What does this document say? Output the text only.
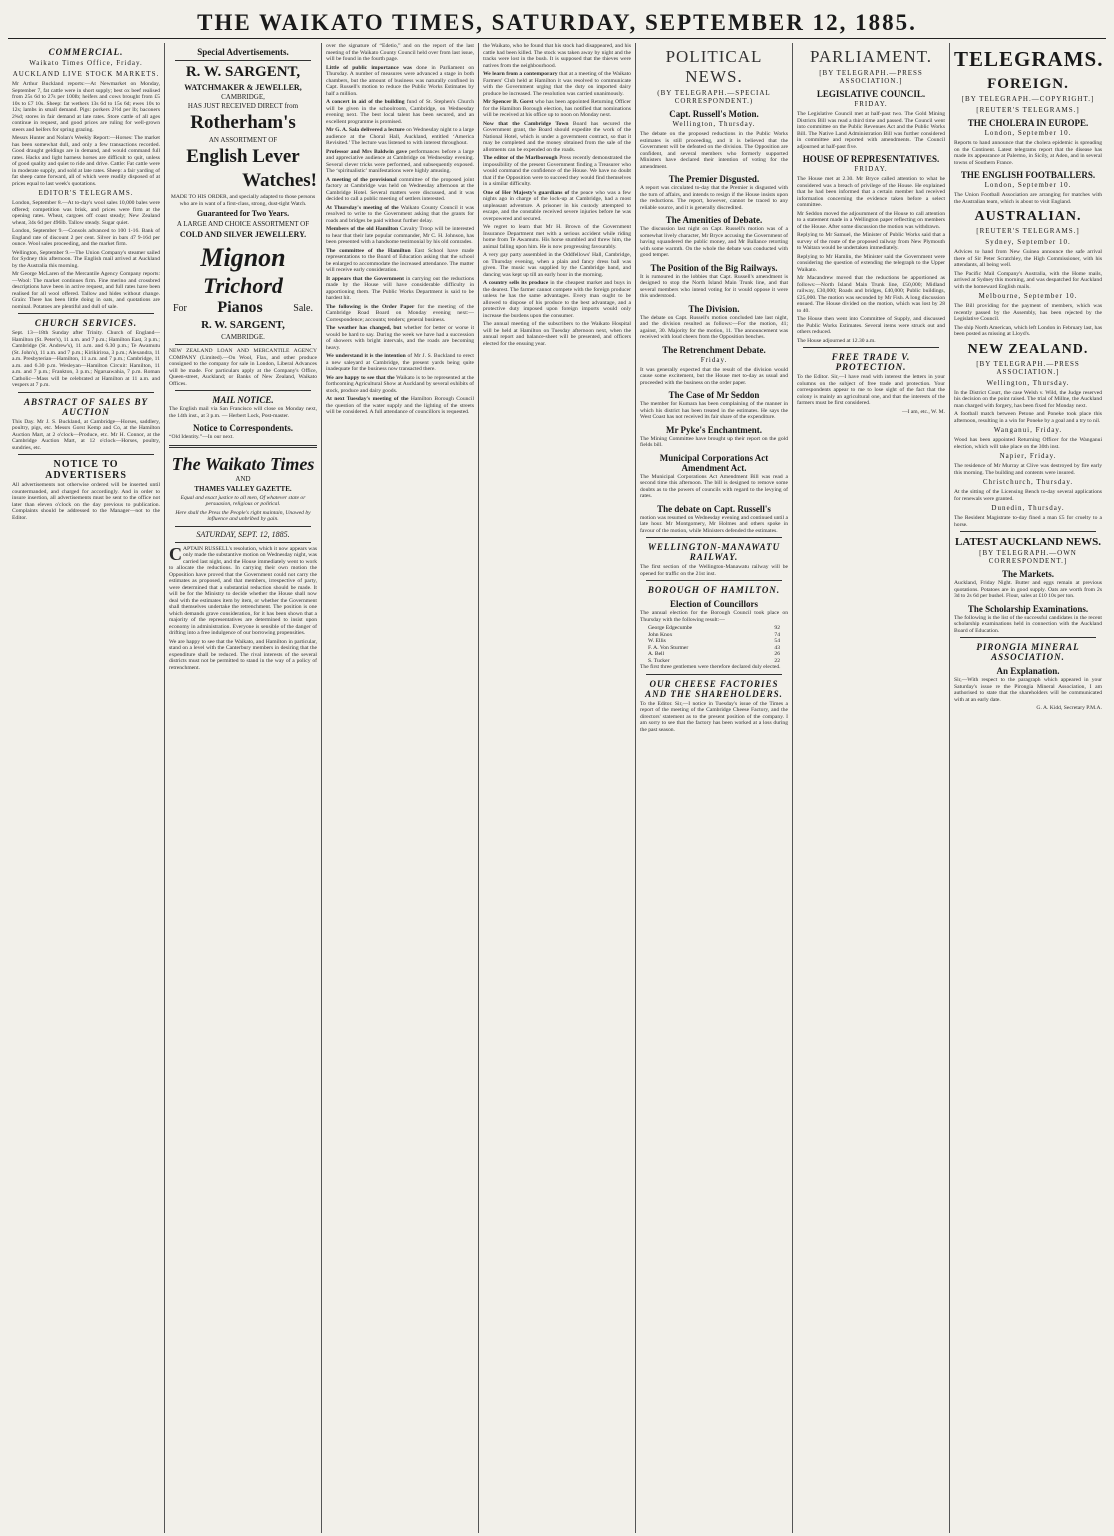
THE WAIKATO TIMES, SATURDAY, SEPTEMBER 12, 1885.
COMMERCIAL.
Waikato Times Office, Friday.
AUCKLAND LIVE STOCK MARKETS.

Mr Arthur Buckland reports:—At Newmarket on Monday, September 7, fat cattle were in short supply; best ox beef realised from 25s 6d to 27s per 100lb; heifers and cows brought from £5 10s to £7 10s. Sheep: fat wethers 13s 6d to 15s 6d; ewes 10s to 12s; lambs in small demand. Pigs: porkers 2½d per lb; baconers 2¾d; stores in fair demand at late rates. Store cattle of all ages continue in request, and good prices are ruling for well-grown steers and heifers for spring grazing.

Messrs Hunter and Nolan's Weekly Report:—Horses: The market has been somewhat dull, and only a few transactions recorded. Good draught geldings are in demand, and would command full rates. Hacks and light harness horses are difficult to quit, unless of good quality and quiet to ride and drive. Cattle: Fat cattle were in moderate supply, and sold at late rates. Sheep: a fair yarding of fat sheep came forward, all of which were readily disposed of at prices equal to last week's quotations.

EDITOR'S TELEGRAMS.

London, September 8.—At to-day's wool sales 10,000 bales were offered; competition was brisk, and prices were firm at the opening rates. Wheat, cargoes off coast steady; New Zealand wheat, 34s 6d per 496lb. Tallow steady. Sugar quiet.

London, September 9.—Consols advanced to 100 1-16. Bank of England rate of discount 2 per cent. Silver in bars 47 9-16d per ounce. Wool sales proceeding, and the market firm.

Wellington, September 9.—The Union Company's steamer sailed for Sydney this afternoon. The English mail arrived at Auckland by the Australia this morning.

Mr George McLaren of the Mercantile Agency Company reports:—Wool: The market continues firm. Fine merino and crossbred descriptions have been in active request, and full rates have been realised for all wool offered. Tallow and hides without change. Grain: There has been little doing in oats, and quotations are nominal. Potatoes are plentiful and dull of sale.

CHURCH SERVICES.

Sept. 13—18th Sunday after Trinity. Church of England—Hamilton (St. Peter's), 11 a.m. and 7 p.m.; Hamilton East, 3 p.m.; Cambridge (St. Andrew's), 11 a.m. and 6.30 p.m.; Te Awamutu (St. John's), 11 a.m. and 7 p.m.; Kirikiriroa, 3 p.m.; Alexandra, 11 a.m. Presbyterian—Hamilton, 11 a.m. and 7 p.m.; Cambridge, 11 a.m. and 6.30 p.m. Wesleyan—Hamilton Circuit: Hamilton, 11 a.m. and 7 p.m.; Frankton, 3 p.m.; Ngaruawahia, 7 p.m. Roman Catholic—Mass will be celebrated at Hamilton at 11 a.m. and vespers at 7 p.m.

ABSTRACT OF SALES BY AUCTION

This Day. Mr J. S. Buckland, at Cambridge—Horses, saddlery, poultry, pigs, etc. Messrs Gorst Kemp and Co, at the Hamilton Auction Mart, at 2 o'clock—Produce, etc. Mr H. Connor, at the Cambridge Auction Mart, at 12 o'clock—Horses, poultry, sundries, etc.

NOTICE TO ADVERTISERS

All advertisements not otherwise ordered will be inserted until countermanded, and charged for accordingly. And in order to insure insertion, all advertisements must be sent to the office not later than eleven o'clock on the day previous to publication. Complaints should be addressed to the Manager—not to the Editor.

Special Advertisements.
R. W. SARGENT,
WATCHMAKER & JEWELLER,
CAMBRIDGE,
HAS JUST RECEIVED DIRECT from
Rotherham's
AN ASSORTMENT OF
English Lever
Watches!

MADE TO HIS ORDER, and specially adapted to those persons who are in want of a first-class, strong, dust-tight Watch.

Guaranteed for Two Years.
A LARGE AND CHOICE ASSORTMENT OF
COLD AND SILVER JEWELLERY.
Mignon
Trichord
For Pianos	Sale.
R. W. SARGENT,
CAMBRIDGE.

NEW ZEALAND LOAN AND MERCANTILE AGENCY COMPANY (Limited).—On Wool, Flax, and other produce consigned to the company for sale in London, Liberal Advances will be made. For particulars apply at the Company's Office, Queen-street, Auckland; or Banks of New Zealand, Waikato Offices.

MAIL NOTICE.

The English mail via San Francisco will close on Monday next, the 14th inst., at 3 p.m. — Herbert Lock, Post-master.

Notice to Correspondents.

“Old Identity.”—In our next.

The Waikato Times
AND
THAMES VALLEY GAZETTE.

Equal and exact justice to all men, Of whatever state or persuasion, religious or political.

Here shall the Press the People's right maintain, Unawed by influence and unbribed by gain.

SATURDAY, SEPT. 12, 1885.

CAPTAIN RUSSELL's resolution, which it now appears was only made the substantive motion on Wednesday night, was carried last night, and the House immediately went to work to allocate the reductions. In carrying their own motion the Opposition have proved that the Government could not carry the estimates as proposed, and that members, irrespective of party, were determined that a substantial reduction should be made. It will be for the Ministry to decide whether the House shall now deal with the estimates item by item, or whether the Government shall themselves undertake the retrenchment. The position is one which demands grave consideration, for it has been shown that a majority of the representatives are determined to insist upon economy in administration. Everyone is sensible of the danger of drifting into a free indulgence of our borrowing propensities.

We are happy to see that the Waikato, and Hamilton in particular, stand on a level with the Canterbury members in desiring that the expenditure shall be reduced. The rival interests of the several districts must not be permitted to stand in the way of a policy of retrenchment.

over the signature of “Edetio,” and on the report of the last meeting of the Waikato County Council held over from last issue, will be found in the fourth page.

Little of public importance was done in Parliament on Thursday. A number of measures were advanced a stage in both chambers, but the amount of business was naturally confined in Capt. Russell's motion to reduce the Public Works Estimates by half a million.

A concert in aid of the building fund of St. Stephen's Church will be given in the schoolroom, Cambridge, on Wednesday evening next. The best local talent has been secured, and an excellent programme is promised.

Mr G. A. Sala delivered a lecture on Wednesday night to a large audience at the Choral Hall, Auckland, entitled ‘America Revisited.’ The lecture was listened to with interest throughout.

Professor and Mrs Baldwin gave performances before a large and appreciative audience at Cambridge on Wednesday evening. Several clever tricks were performed, and subsequently exposed. The ‘spiritualistic’ manifestations were highly amusing.

A meeting of the provisional committee of the proposed joint factory at Cambridge was held on Wednesday afternoon at the Cambridge Hotel. Several matters were discussed, and it was decided to call a public meeting of settlers interested.

At Thursday's meeting of the Waikato County Council it was resolved to write to the Government asking that the grants for roads and bridges be paid without further delay.

Members of the old Hamilton Cavalry Troop will be interested to hear that their late popular commander, Mr C. H. Johnson, has been presented with a handsome testimonial by his old comrades.

The committee of the Hamilton East School have made representations to the Board of Education asking that the school be enlarged to accommodate the increased attendance. The matter will receive early consideration.

It appears that the Government in carrying out the reductions made by the House will have considerable difficulty in apportioning them. The Public Works Department is said to be hardest hit.

The following is the Order Paper for the meeting of the Cambridge Road Board on Monday evening next:—Correspondence; accounts; tenders; general business.

The weather has changed, but whether for better or worse it would be hard to say. During the week we have had a succession of showers with bright intervals, and the roads are becoming heavy.

We understand it is the intention of Mr J. S. Buckland to erect a new saleyard at Cambridge, the present yards being quite inadequate for the business now transacted there.

We are happy to see that the Waikato is to be represented at the forthcoming Agricultural Show at Auckland by several exhibits of stock, produce and dairy goods.

At next Tuesday's meeting of the Hamilton Borough Council the question of the water supply and the lighting of the streets will be considered. A full attendance of councillors is requested.

the Waikato, who he found that his stock had disappeared, and his cattle had been killed. The stock was taken away by night and the tracks were lost in the bush. It is supposed that the thieves were natives from the neighbourhood.

We learn from a contemporary that at a meeting of the Waikato Farmers' Club held at Hamilton it was resolved to communicate with the Government urging that the duty on imported dairy produce be increased. The resolution was carried unanimously.

Mr Spencer B. Gorst who has been appointed Returning Officer for the Hamilton Borough election, has notified that nominations will be received at his office up to noon on Monday next.

Now that the Cambridge Town Board has secured the Government grant, the Board should expedite the work of the National Hotel, which is under a government contract, so that it may be completed and the money obtained from the sale of the allotments can be expended on the roads.

The editor of the Marlborough Press recently demonstrated the impossibility of the present Government finding a Treasurer who would command the confidence of the House. We have no doubt that if the Opposition were to succeed they would find themselves in a similar difficulty.

One of Her Majesty's guardians of the peace who was a few nights ago in charge of the lock-up at Cambridge, had a most unpleasant adventure. A prisoner in his custody attempted to escape, and the constable received severe injuries before he was overpowered and secured.

We regret to learn that Mr H. Brown of the Government Insurance Department met with a serious accident while riding home from Te Awamutu. His horse stumbled and threw him, the animal falling upon him. He is now progressing favourably.

A very gay party assembled in the Oddfellows' Hall, Cambridge, on Thursday evening, when a plain and fancy dress ball was given. The music was supplied by the Cambridge band, and dancing was kept up till an early hour in the morning.

A country sells its produce in the cheapest market and buys in the dearest. The farmer cannot compete with the foreign producer unless he has the same advantages. Every man ought to be allowed to dispose of his produce to the best advantage, and a protective duty imposed upon foreign imports would only increase the burdens upon the consumer.

The annual meeting of the subscribers to the Waikato Hospital will be held at Hamilton on Tuesday afternoon next, when the annual report and balance-sheet will be presented, and officers elected for the ensuing year.

POLITICAL NEWS.
(BY TELEGRAPH.—SPECIAL CORRESPONDENT.)
Capt. Russell's Motion.
Wellington, Thursday.

The debate on the proposed reductions in the Public Works estimates is still proceeding, and it is believed that the Government will be defeated on the division. The Opposition are confident, and several members who formerly supported Ministers have declared their intention of voting for the amendment.

The Premier Disgusted.

A report was circulated to-day that the Premier is disgusted with the turn of affairs, and intends to resign if the House insists upon the reductions. The report, however, cannot be traced to any reliable source, and it is generally discredited.

The Amenities of Debate.

The discussion last night on Capt. Russell's motion was of a somewhat lively character, Mr Bryce accusing the Government of having squandered the public money, and Mr Ballance retorting with some warmth. On the whole the debate was conducted with good temper.

The Position of the Big Railways.

It is rumoured in the lobbies that Capt. Russell's amendment is designed to stop the North Island Main Trunk line, and that several members who intend voting for it would oppose it were this understood.

The Division.

The debate on Capt. Russell's motion concluded late last night, and the division resulted as follows:—For the motion, 41; against, 30. Majority for the motion, 11. The announcement was received with loud cheers from the Opposition benches.

The Retrenchment Debate.
Friday.

It was generally expected that the result of the division would cause some excitement, but the House met to-day as usual and proceeded with the business on the order paper.

The Case of Mr Seddon

The member for Kumara has been complaining of the manner in which his district has been treated in the estimates. He says the West Coast has not received its fair share of the expenditure.

Mr Pyke's Enchantment.

The Mining Committee have brought up their report on the gold fields bill.

Municipal Corporations Act Amendment Act.

The Municipal Corporations Act Amendment Bill was read a second time this afternoon. The bill is designed to remove some doubts as to the powers of councils with regard to the levying of rates.

The debate on Capt. Russell's

motion was resumed on Wednesday evening and continued until a late hour. Mr Montgomery, Mr Holmes and others spoke in favour of the motion, while Ministers defended the estimates.

WELLINGTON-MANAWATU RAILWAY.

The first section of the Wellington-Manawatu railway will be opened for traffic on the 21st inst.

BOROUGH OF HAMILTON.
Election of Councillors

The annual election for the Borough Council took place on Thursday with the following result:—

George Edgecumbe	92
John Knox	74
W. Ellis	54
F. A. Von Sturmer	43
A. Bell	26
S. Tucker	22

The first three gentlemen were therefore declared duly elected.

OUR CHEESE FACTORIES AND THE SHAREHOLDERS.

To the Editor. Sir,—I notice in Tuesday's issue of the Times a report of the meeting of the Cambridge Cheese Factory, and the directors' statement as to the present position of the company. I am sorry to see that the factory has been worked at a loss during the past season.

PARLIAMENT.
[BY TELEGRAPH.—PRESS ASSOCIATION.]
LEGISLATIVE COUNCIL.
FRIDAY.

The Legislative Council met at half-past two. The Gold Mining Districts Bill was read a third time and passed. The Council went into committee on the Public Revenues Act and the Public Works Bill. The Native Land Administration Bill was further considered in committee and reported with amendments. The Council adjourned at half-past five.

HOUSE OF REPRESENTATIVES.
FRIDAY.

The House met at 2.30. Mr Bryce called attention to what he considered was a breach of privilege of the House. He explained that he had been informed that a certain member had received information concerning the evidence taken before a select committee.

Mr Seddon moved the adjournment of the House to call attention to a statement made in a Wellington paper reflecting on members of the House. After some discussion the motion was withdrawn.

Replying to Mr Samuel, the Minister of Public Works said that a survey of the route of the proposed railway from New Plymouth to Waitara would be undertaken immediately.

Replying to Mr Hamlin, the Minister said the Government were considering the question of extending the telegraph to the Upper Waikato.

Mr Macandrew moved that the reductions be apportioned as follows:—North Island Main Trunk line, £50,000; Midland railway, £30,000; Roads and bridges, £40,000; Public buildings, £25,000. The motion was seconded by Mr Fish. A long discussion ensued. The House divided on the motion, which was lost by 28 to 40.

The House then went into Committee of Supply, and discussed the Public Works Estimates. Several items were struck out and others reduced.

The House adjourned at 12.30 a.m.

FREE TRADE V. PROTECTION.

To the Editor. Sir,—I have read with interest the letters in your columns on the subject of free trade and protection. Your correspondents appear to me to lose sight of the fact that the colony is mainly an agricultural one, and that the interests of the farmers must be first considered.

—I am, etc., W. M.

TELEGRAMS.
FOREIGN.
[BY TELEGRAPH.—COPYRIGHT.]
[REUTER'S TELEGRAMS.]
THE CHOLERA IN EUROPE.
London, September 10.

Reports to hand announce that the cholera epidemic is spreading on the Continent. Latest telegrams report that the disease has made its appearance at Palermo, in Sicily, at Aden, and in several towns of Southern France.

THE ENGLISH FOOTBALLERS.
London, September 10.

The Union Football Association are arranging for matches with the Australian team, which is about to visit England.

AUSTRALIAN.
[REUTER'S TELEGRAMS.]
Sydney, September 10.

Advices to hand from New Guinea announce the safe arrival there of Sir Peter Scratchley, the High Commissioner, with his attendants, all being well.

The Pacific Mail Company's Australia, with the Home mails, arrived at Sydney this morning, and was despatched for Auckland with the homeward English mails.

Melbourne, September 10.

The Bill providing for the payment of members, which was recently passed by the Assembly, has been rejected by the Legislative Council.

The ship North American, which left London in February last, has been posted as missing at Lloyd's.

NEW ZEALAND.
[BY TELEGRAPH.—PRESS ASSOCIATION.]
Wellington, Thursday.

In the District Court, the case Welsh v. Wild, the Judge reserved his decision on the point raised. The trial of Millne, the Auckland man charged with forgery, has been fixed for Monday next.

A football match between Petone and Poneke took place this afternoon, resulting in a win for Poneke by a goal and a try to nil.

Wanganui, Friday.

Wood has been appointed Returning Officer for the Wanganui election, which will take place on the 30th inst.

Napier, Friday.

The residence of Mr Murray at Clive was destroyed by fire early this morning. The building and contents were insured.

Christchurch, Thursday.

At the sitting of the Licensing Bench to-day several applications for renewals were granted.

Dunedin, Thursday.

The Resident Magistrate to-day fined a man £5 for cruelty to a horse.

LATEST AUCKLAND NEWS.
[BY TELEGRAPH.—OWN CORRESPONDENT.]
The Markets.

Auckland, Friday Night. Butter and eggs remain at previous quotations. Potatoes are in good supply. Oats are worth from 2s 3d to 2s 6d per bushel. Flour, sales at £10 10s per ton.

The Scholarship Examinations.

The following is the list of the successful candidates in the recent scholarship examinations held in connection with the Auckland Board of Education.

PIRONGIA MINERAL ASSOCIATION.
An Explanation.

Sir,—With respect to the paragraph which appeared in your Saturday's issue re the Pirongia Mineral Association, I am authorised to state that the shareholders will be communicated with at an early date.

G. A. Kidd, Secretary P.M.A.
